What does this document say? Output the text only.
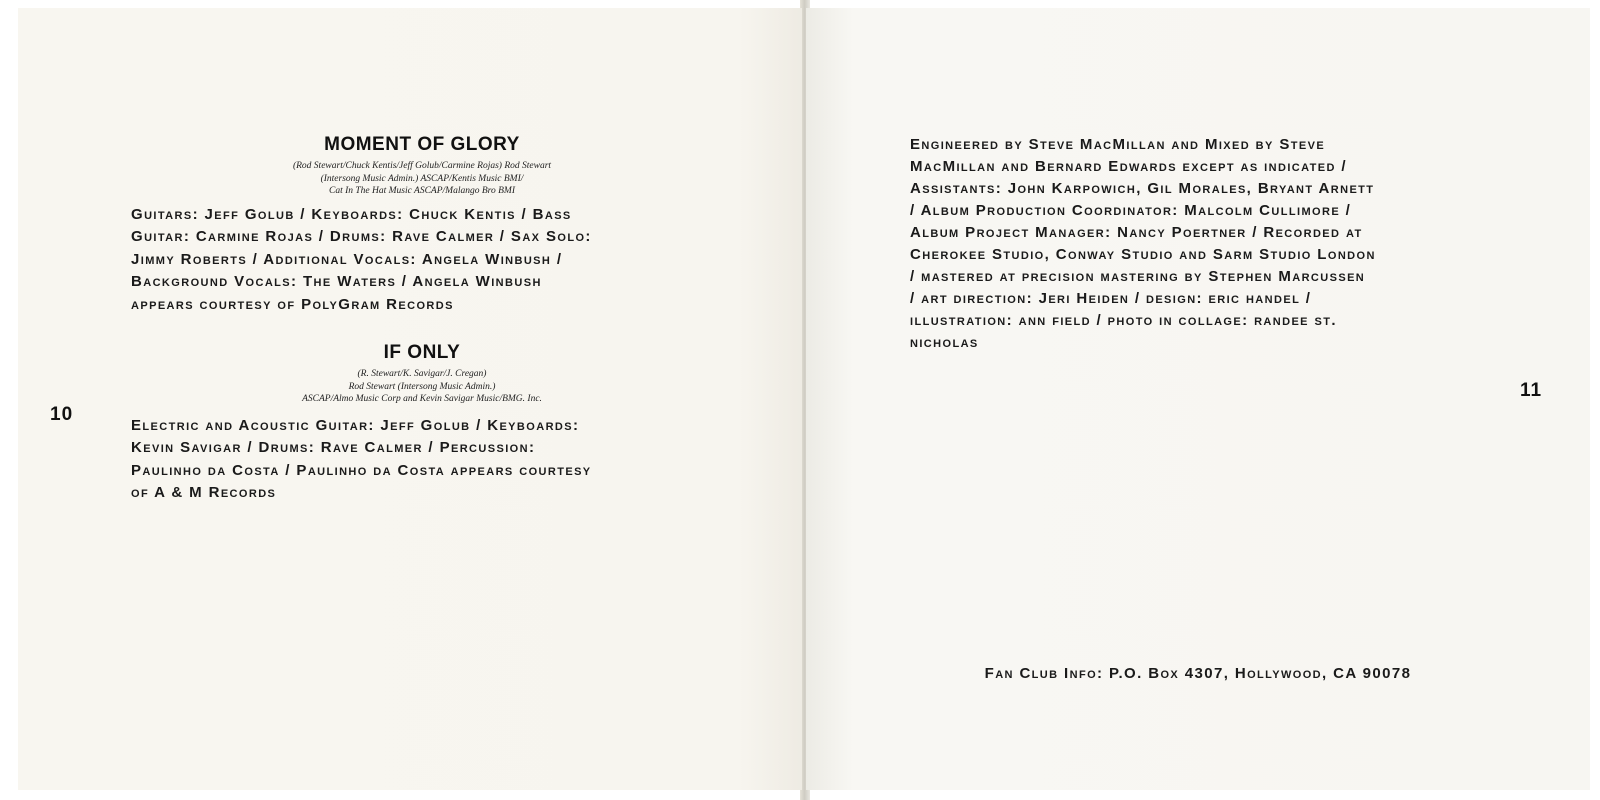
MOMENT OF GLORY

(Rod Stewart/Chuck Kentis/Jeff Golub/Carmine Rojas) Rod Stewart

(Intersong Music Admin.) ASCAP/Kentis Music BMI/

Cat In The Hat Music ASCAP/Malango Bro BMI

Guitars: Jeff Golub / Keyboards: Chuck Kentis / Bass
Guitar: Carmine Rojas / Drums: Rave Calmer / Sax Solo:
Jimmy Roberts / Additional Vocals: Angela Winbush /
Background Vocals: The Waters / Angela Winbush
appears courtesy of PolyGram Records
IF ONLY

(R. Stewart/K. Savigar/J. Cregan)

Rod Stewart (Intersong Music Admin.)

ASCAP/Almo Music Corp and Kevin Savigar Music/BMG. Inc.

Electric and Acoustic Guitar: Jeff Golub / Keyboards:
Kevin Savigar / Drums: Rave Calmer / Percussion:
Paulinho da Costa / Paulinho da Costa appears courtesy
of A & M Records
10
Engineered by Steve MacMillan and Mixed by Steve
MacMillan and Bernard Edwards except as indicated /
Assistants: John Karpowich, Gil Morales, Bryant Arnett
/ Album Production Coordinator: Malcolm Cullimore /
Album Project Manager: Nancy Poertner / Recorded at
Cherokee Studio, Conway Studio and Sarm Studio London
/ mastered at precision mastering by Stephen Marcussen
/ art direction: Jeri Heiden / design: eric handel /
illustration: ann field / photo in collage: randee st.
nicholas
11
Fan Club Info: P.O. Box 4307, Hollywood, CA 90078
